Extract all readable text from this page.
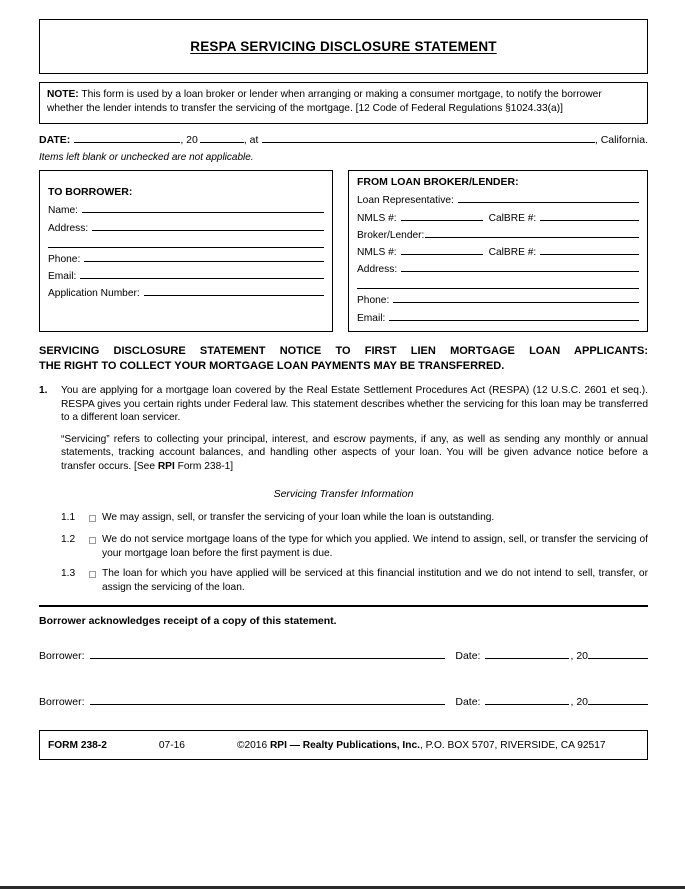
RESPA SERVICING DISCLOSURE STATEMENT
NOTE: This form is used by a loan broker or lender when arranging or making a consumer mortgage, to notify the borrower whether the lender intends to transfer the servicing of the mortgage. [12 Code of Federal Regulations §1024.33(a)]
DATE:	, 20	, at	, California.
Items left blank or unchecked are not applicable.
TO BORROWER:
Name:
Address:
Phone:
Email:
Application Number:
FROM LOAN BROKER/LENDER:
Loan Representative:
NMLS #:	CalBRE #:
Broker/Lender:
NMLS #:	CalBRE #:
Address:
Phone:
Email:
SERVICING DISCLOSURE STATEMENT NOTICE TO FIRST LIEN MORTGAGE LOAN APPLICANTS:
THE RIGHT TO COLLECT YOUR MORTGAGE LOAN PAYMENTS MAY BE TRANSFERRED.
1.	You are applying for a mortgage loan covered by the Real Estate Settlement Procedures Act (RESPA) (12 U.S.C. 2601 et seq.). RESPA gives you certain rights under Federal law. This statement describes whether the servicing for this loan may be transferred to a different loan servicer.

“Servicing” refers to collecting your principal, interest, and escrow payments, if any, as well as sending any monthly or annual statements, tracking account balances, and handling other aspects of your loan. You will be given advance notice before a transfer occurs. [See RPI Form 238-1]

Servicing Transfer Information
1.1	We may assign, sell, or transfer the servicing of your loan while the loan is outstanding.
1.2	We do not service mortgage loans of the type for which you applied. We intend to assign, sell, or transfer the servicing of your mortgage loan before the first payment is due.
1.3	The loan for which you have applied will be serviced at this financial institution and we do not intend to sell, transfer, or assign the servicing of the loan.
Borrower acknowledges receipt of a copy of this statement.
Borrower:	Date:	, 20
Borrower:	Date:	, 20
FORM 238-2	07-16	©2016 RPI — Realty Publications, Inc., P.O. BOX 5707, RIVERSIDE, CA 92517
